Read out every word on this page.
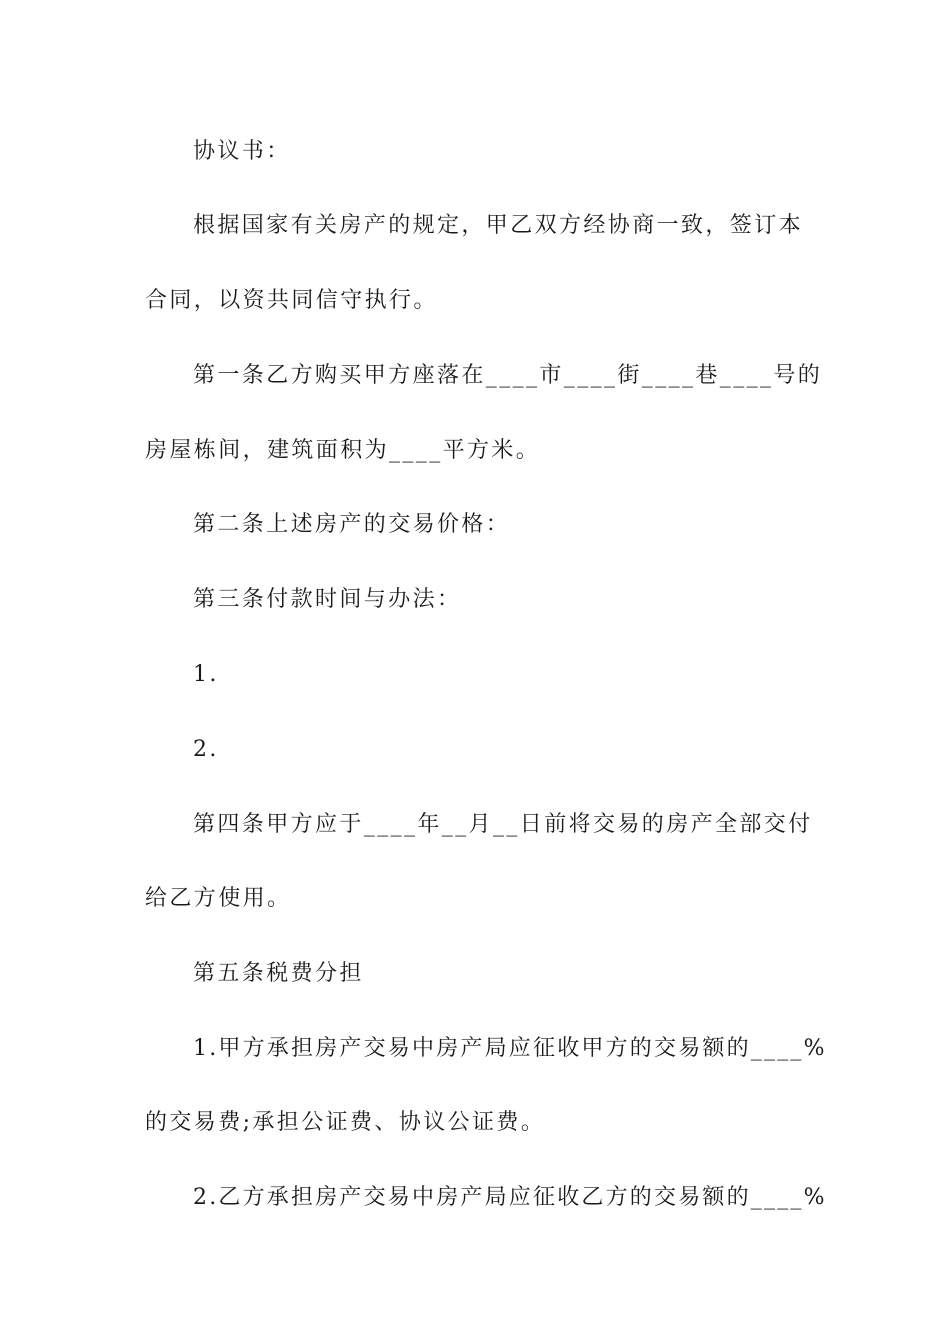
协议书：
根据国家有关房产的规定，甲乙双方经协商一致，签订本
合同，以资共同信守执行。
第一条乙方购买甲方座落在____市____街____巷____号的
房屋栋间，建筑面积为____平方米。
第二条上述房产的交易价格：
第三条付款时间与办法：
1.
2.
第四条甲方应于____年__月__日前将交易的房产全部交付
给乙方使用。
第五条税费分担
1.甲方承担房产交易中房产局应征收甲方的交易额的____%
的交易费;承担公证费、协议公证费。
2.乙方承担房产交易中房产局应征收乙方的交易额的____%
